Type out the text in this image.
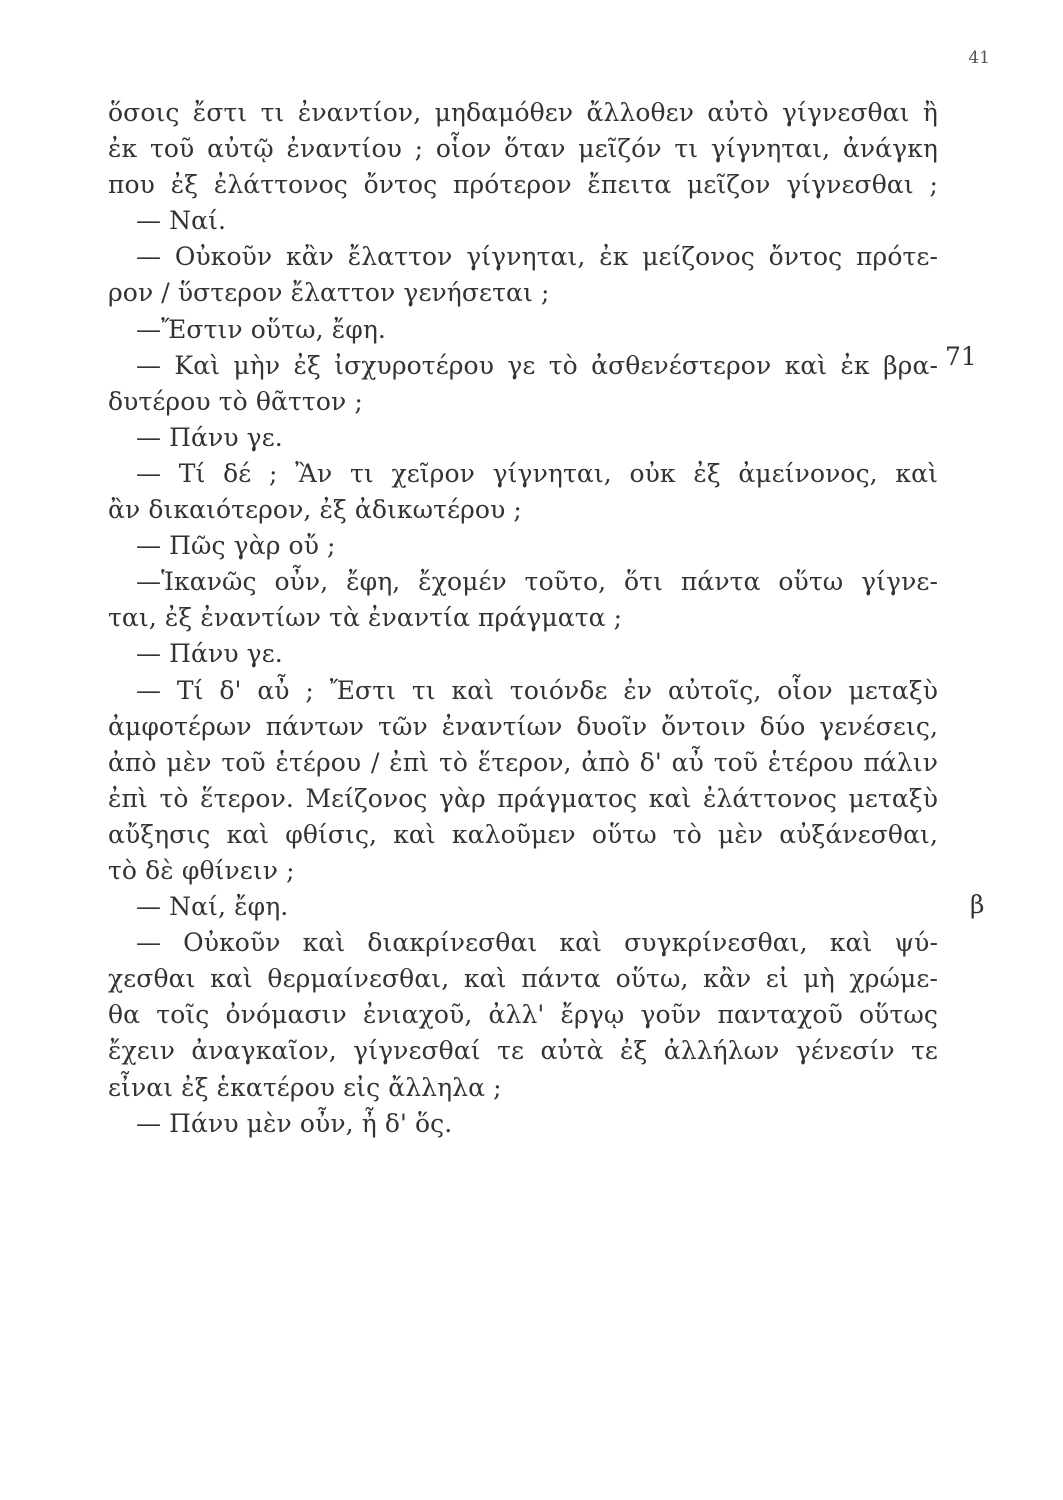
41
ὅσοις ἔστι τι ἐναντίον, μηδαμόθεν ἄλλοθεν αὐτὸ γίγνεσθαι ἢ
ἐκ τοῦ αὐτῷ ἐναντίου ; οἷον ὅταν μεῖζόν τι γίγνηται, ἀνάγκη
που ἐξ ἐλάττονος ὄντος πρότερον ἔπειτα μεῖζον γίγνεσθαι ;
— Ναί.
— Οὐκοῦν κἂν ἔλαττον γίγνηται, ἐκ μείζονος ὄντος πρότε-
ρον / ὕστερον ἔλαττον γενήσεται ;
—Ἔστιν οὕτω, ἔφη.
— Καὶ μὴν ἐξ ἰσχυροτέρου γε τὸ ἀσθενέστερον καὶ ἐκ βρα-
δυτέρου τὸ θᾶττον ;
— Πάνυ γε.
— Τί δέ ; Ἂν τι χεῖρον γίγνηται, οὐκ ἐξ ἀμείνονος, καὶ
ἂν δικαιότερον, ἐξ ἀδικωτέρου ;
— Πῶς γὰρ οὔ ;
—Ἱκανῶς οὖν, ἔφη, ἔχομέν τοῦτο, ὅτι πάντα οὕτω γίγνε-
ται, ἐξ ἐναντίων τὰ ἐναντία πράγματα ;
— Πάνυ γε.
— Τί δ' αὖ ; Ἔστι τι καὶ τοιόνδε ἐν αὐτοῖς, οἷον μεταξὺ
ἀμφοτέρων πάντων τῶν ἐναντίων δυοῖν ὄντοιν δύο γενέσεις,
ἀπὸ μὲν τοῦ ἑτέρου / ἐπὶ τὸ ἕτερον, ἀπὸ δ' αὖ τοῦ ἑτέρου πάλιν
ἐπὶ τὸ ἕτερον. Μείζονος γὰρ πράγματος καὶ ἐλάττονος μεταξὺ
αὔξησις καὶ φθίσις, καὶ καλοῦμεν οὕτω τὸ μὲν αὐξάνεσθαι,
τὸ δὲ φθίνειν ;
— Ναί, ἔφη.
— Οὐκοῦν καὶ διακρίνεσθαι καὶ συγκρίνεσθαι, καὶ ψύ-
χεσθαι καὶ θερμαίνεσθαι, καὶ πάντα οὕτω, κἂν εἰ μὴ χρώμε-
θα τοῖς ὀνόμασιν ἐνιαχοῦ, ἀλλ' ἔργῳ γοῦν πανταχοῦ οὕτως
ἔχειν ἀναγκαῖον, γίγνεσθαί τε αὐτὰ ἐξ ἀλλήλων γένεσίν τε
εἶναι ἐξ ἑκατέρου εἰς ἄλληλα ;
— Πάνυ μὲν οὖν, ἦ δ' ὅς.
71
β
